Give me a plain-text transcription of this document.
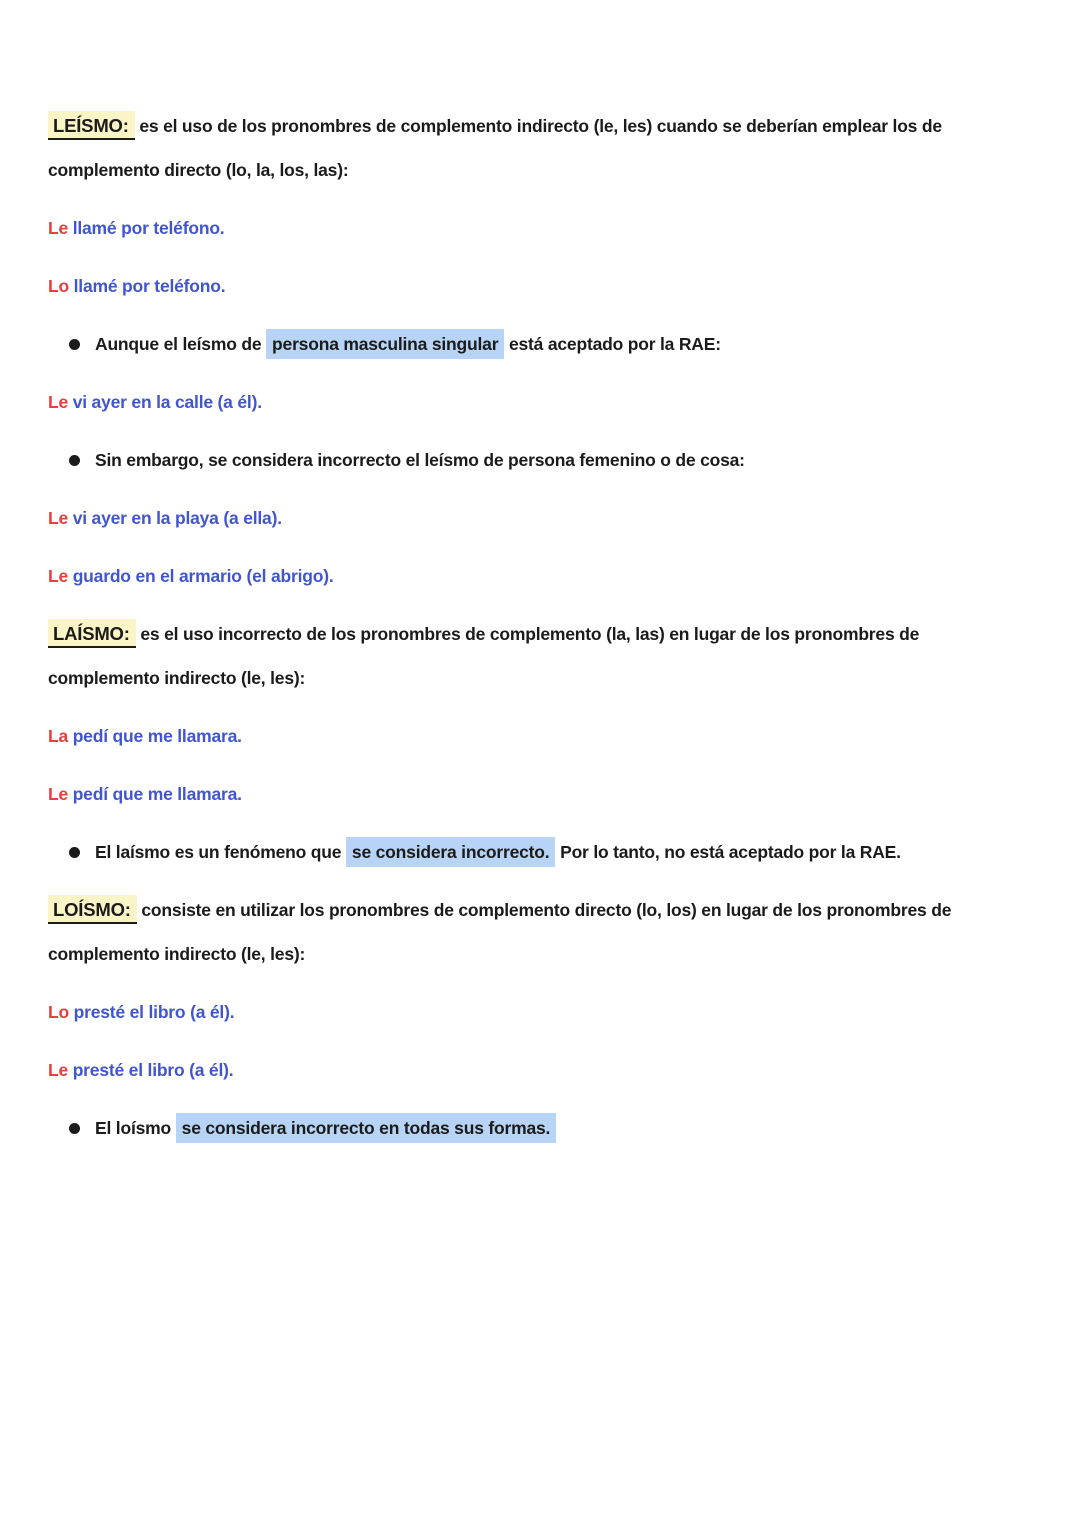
LEÍSMO: es el uso de los pronombres de complemento indirecto (le, les) cuando se deberían emplear los de complemento directo (lo, la, los, las):
Le llamé por teléfono.
Lo llamé por teléfono.
Aunque el leísmo de persona masculina singular está aceptado por la RAE:
Le vi ayer en la calle (a él).
Sin embargo, se considera incorrecto el leísmo de persona femenino o de cosa:
Le vi ayer en la playa (a ella).
Le guardo en el armario (el abrigo).
LAÍSMO: es el uso incorrecto de los pronombres de complemento (la, las) en lugar de los pronombres de complemento indirecto (le, les):
La pedí que me llamara.
Le pedí que me llamara.
El laísmo es un fenómeno que se considera incorrecto. Por lo tanto, no está aceptado por la RAE.
LOÍSMO: consiste en utilizar los pronombres de complemento directo (lo, los) en lugar de los pronombres de complemento indirecto (le, les):
Lo presté el libro (a él).
Le presté el libro (a él).
El loísmo se considera incorrecto en todas sus formas.
